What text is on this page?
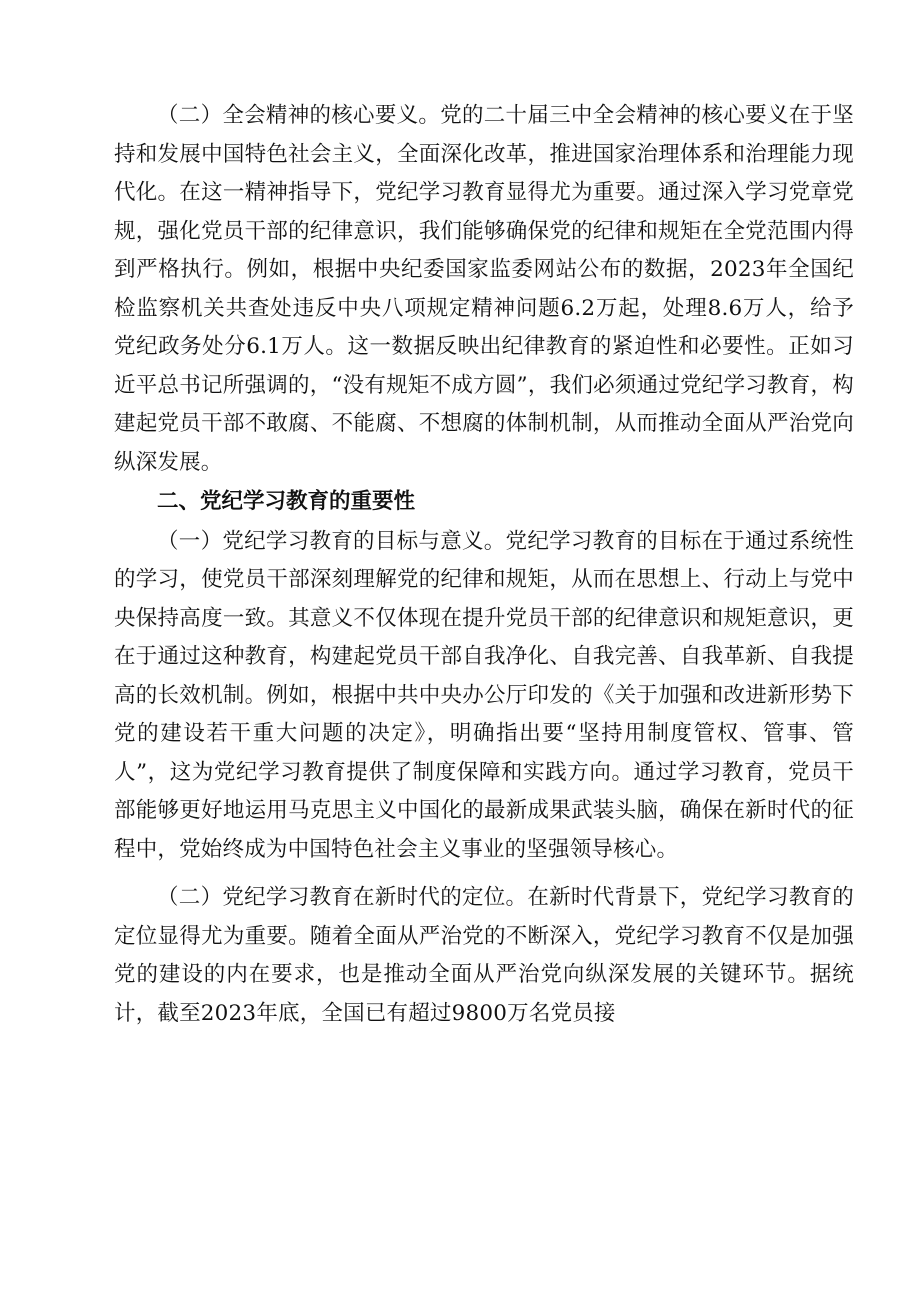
（二）全会精神的核心要义。党的二十届三中全会精神的核心要义在于坚持和发展中国特色社会主义，全面深化改革，推进国家治理体系和治理能力现代化。在这一精神指导下，党纪学习教育显得尤为重要。通过深入学习党章党规，强化党员干部的纪律意识，我们能够确保党的纪律和规矩在全党范围内得到严格执行。例如，根据中央纪委国家监委网站公布的数据，2023年全国纪检监察机关共查处违反中央八项规定精神问题6.2万起，处理8.6万人，给予党纪政务处分6.1万人。这一数据反映出纪律教育的紧迫性和必要性。正如习近平总书记所强调的，“没有规矩不成方圆”，我们必须通过党纪学习教育，构建起党员干部不敢腐、不能腐、不想腐的体制机制，从而推动全面从严治党向纵深发展。

二、党纪学习教育的重要性

（一）党纪学习教育的目标与意义。党纪学习教育的目标在于通过系统性的学习，使党员干部深刻理解党的纪律和规矩，从而在思想上、行动上与党中央保持高度一致。其意义不仅体现在提升党员干部的纪律意识和规矩意识，更在于通过这种教育，构建起党员干部自我净化、自我完善、自我革新、自我提高的长效机制。例如，根据中共中央办公厅印发的《关于加强和改进新形势下党的建设若干重大问题的决定》，明确指出要“坚持用制度管权、管事、管人”，这为党纪学习教育提供了制度保障和实践方向。通过学习教育，党员干部能够更好地运用马克思主义中国化的最新成果武装头脑，确保在新时代的征程中，党始终成为中国特色社会主义事业的坚强领导核心。

（二）党纪学习教育在新时代的定位。在新时代背景下，党纪学习教育的定位显得尤为重要。随着全面从严治党的不断深入，党纪学习教育不仅是加强党的建设的内在要求，也是推动全面从严治党向纵深发展的关键环节。据统计，截至2023年底，全国已有超过9800万名党员接
